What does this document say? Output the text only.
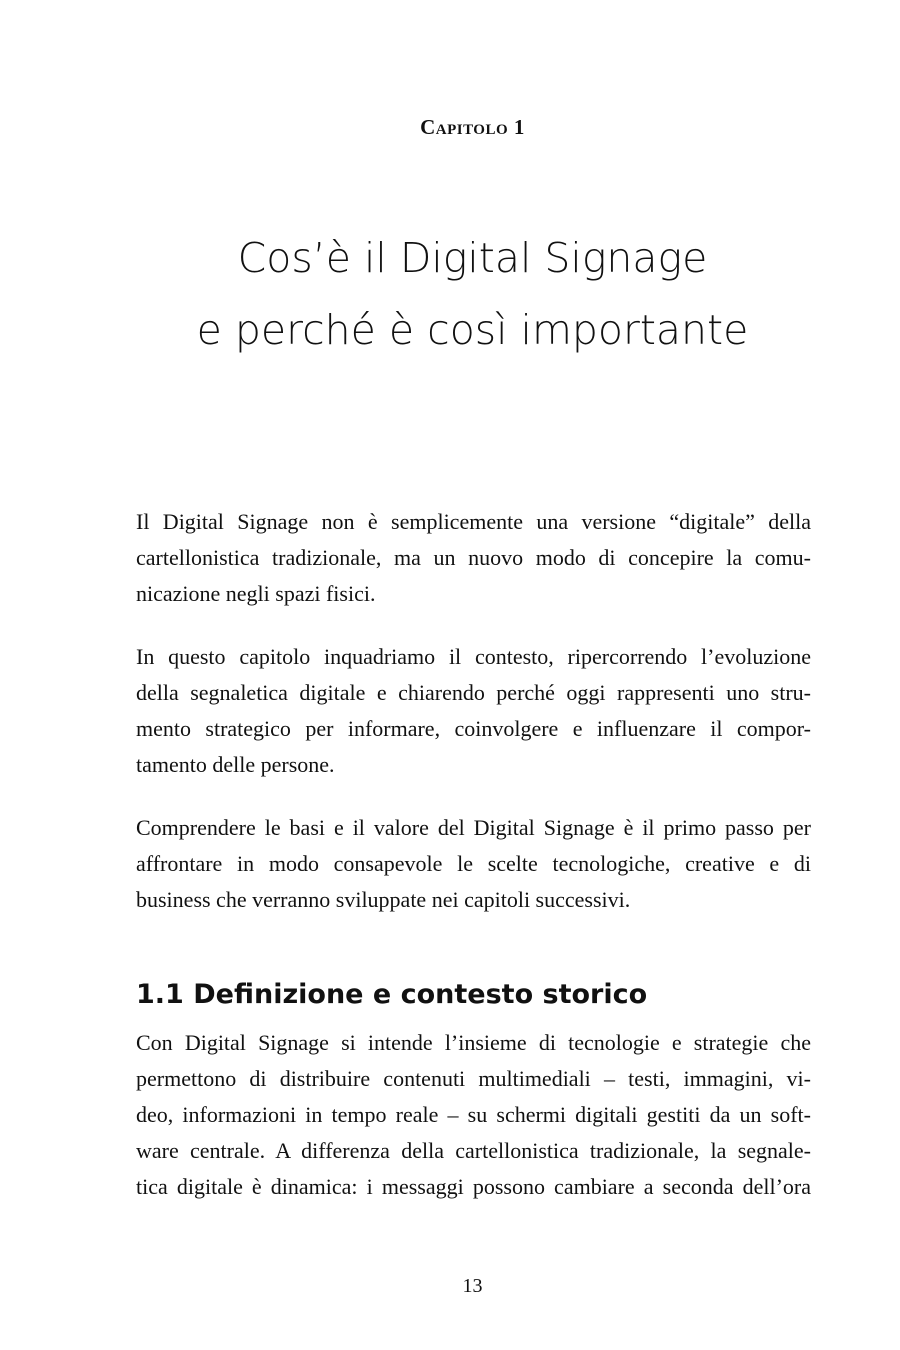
Capitolo 1
Cos’è il Digital Signage
e perché è così importante

Il Digital Signage non è semplicemente una versione “digitale” della
cartellonistica tradizionale, ma un nuovo modo di concepire la comu-
nicazione negli spazi fisici.

In questo capitolo inquadriamo il contesto, ripercorrendo l’evoluzione
della segnaletica digitale e chiarendo perché oggi rappresenti uno stru-
mento strategico per informare, coinvolgere e influenzare il compor-
tamento delle persone.

Comprendere le basi e il valore del Digital Signage è il primo passo per
affrontare in modo consapevole le scelte tecnologiche, creative e di
business che verranno sviluppate nei capitoli successivi.

1.1 Definizione e contesto storico

Con Digital Signage si intende l’insieme di tecnologie e strategie che
permettono di distribuire contenuti multimediali – testi, immagini, vi-
deo, informazioni in tempo reale – su schermi digitali gestiti da un soft-
ware centrale. A differenza della cartellonistica tradizionale, la segnale-
tica digitale è dinamica: i messaggi possono cambiare a seconda dell’ora

13
